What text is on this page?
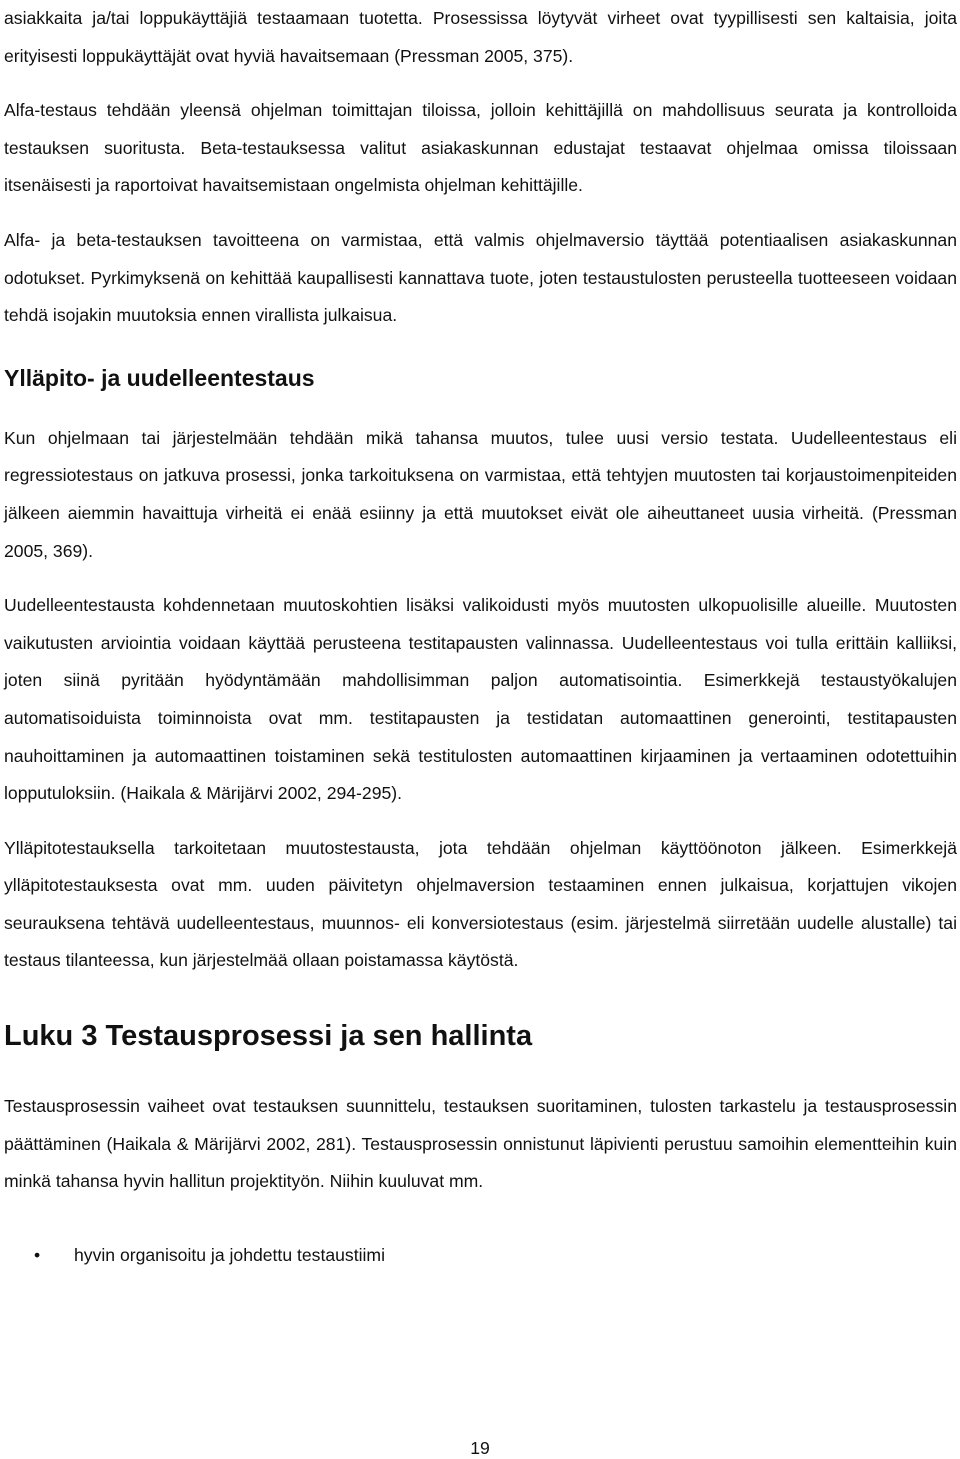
asiakkaita ja/tai loppukäyttäjiä testaamaan tuotetta. Prosessissa löytyvät virheet ovat tyypillisesti sen kaltaisia, joita erityisesti loppukäyttäjät ovat hyviä havaitsemaan (Pressman 2005, 375).

Alfa-testaus tehdään yleensä ohjelman toimittajan tiloissa, jolloin kehittäjillä on mahdollisuus seurata ja kontrolloida testauksen suoritusta. Beta-testauksessa valitut asiakaskunnan edustajat testaavat ohjelmaa omissa tiloissaan itsenäisesti ja raportoivat havaitsemistaan ongelmista ohjelman kehittäjille.

Alfa- ja beta-testauksen tavoitteena on varmistaa, että valmis ohjelmaversio täyttää potentiaalisen asiakaskunnan odotukset. Pyrkimyksenä on kehittää kaupallisesti kannattava tuote, joten testaustulosten perusteella tuotteeseen voidaan tehdä isojakin muutoksia ennen virallista julkaisua.

Ylläpito- ja uudelleentestaus

Kun ohjelmaan tai järjestelmään tehdään mikä tahansa muutos, tulee uusi versio testata. Uudelleentestaus eli regressiotestaus on jatkuva prosessi, jonka tarkoituksena on varmistaa, että tehtyjen muutosten tai korjaustoimenpiteiden jälkeen aiemmin havaittuja virheitä ei enää esiinny ja että muutokset eivät ole aiheuttaneet uusia virheitä. (Pressman 2005, 369).

Uudelleentestausta kohdennetaan muutoskohtien lisäksi valikoidusti myös muutosten ulkopuolisille alueille. Muutosten vaikutusten arviointia voidaan käyttää perusteena testitapausten valinnassa. Uudelleentestaus voi tulla erittäin kalliiksi, joten siinä pyritään hyödyntämään mahdollisimman paljon automatisointia. Esimerkkejä testaustyökalujen automatisoiduista toiminnoista ovat mm. testitapausten ja testidatan automaattinen generointi, testitapausten nauhoittaminen ja automaattinen toistaminen sekä testitulosten automaattinen kirjaaminen ja vertaaminen odotettuihin lopputuloksiin. (Haikala & Märijärvi 2002, 294-295).

Ylläpitotestauksella tarkoitetaan muutostestausta, jota tehdään ohjelman käyttöönoton jälkeen. Esimerkkejä ylläpitotestauksesta ovat mm. uuden päivitetyn ohjelmaversion testaaminen ennen julkaisua, korjattujen vikojen seurauksena tehtävä uudelleentestaus, muunnos- eli konversiotestaus (esim. järjestelmä siirretään uudelle alustalle) tai testaus tilanteessa, kun järjestelmää ollaan poistamassa käytöstä.

Luku 3 Testausprosessi ja sen hallinta

Testausprosessin vaiheet ovat testauksen suunnittelu, testauksen suoritaminen, tulosten tarkastelu ja testausprosessin päättäminen (Haikala & Märijärvi 2002, 281). Testausprosessin onnistunut läpivienti perustuu samoihin elementteihin kuin minkä tahansa hyvin hallitun projektityön. Niihin kuuluvat mm.

• hyvin organisoitu ja johdettu testaustiimi
19
